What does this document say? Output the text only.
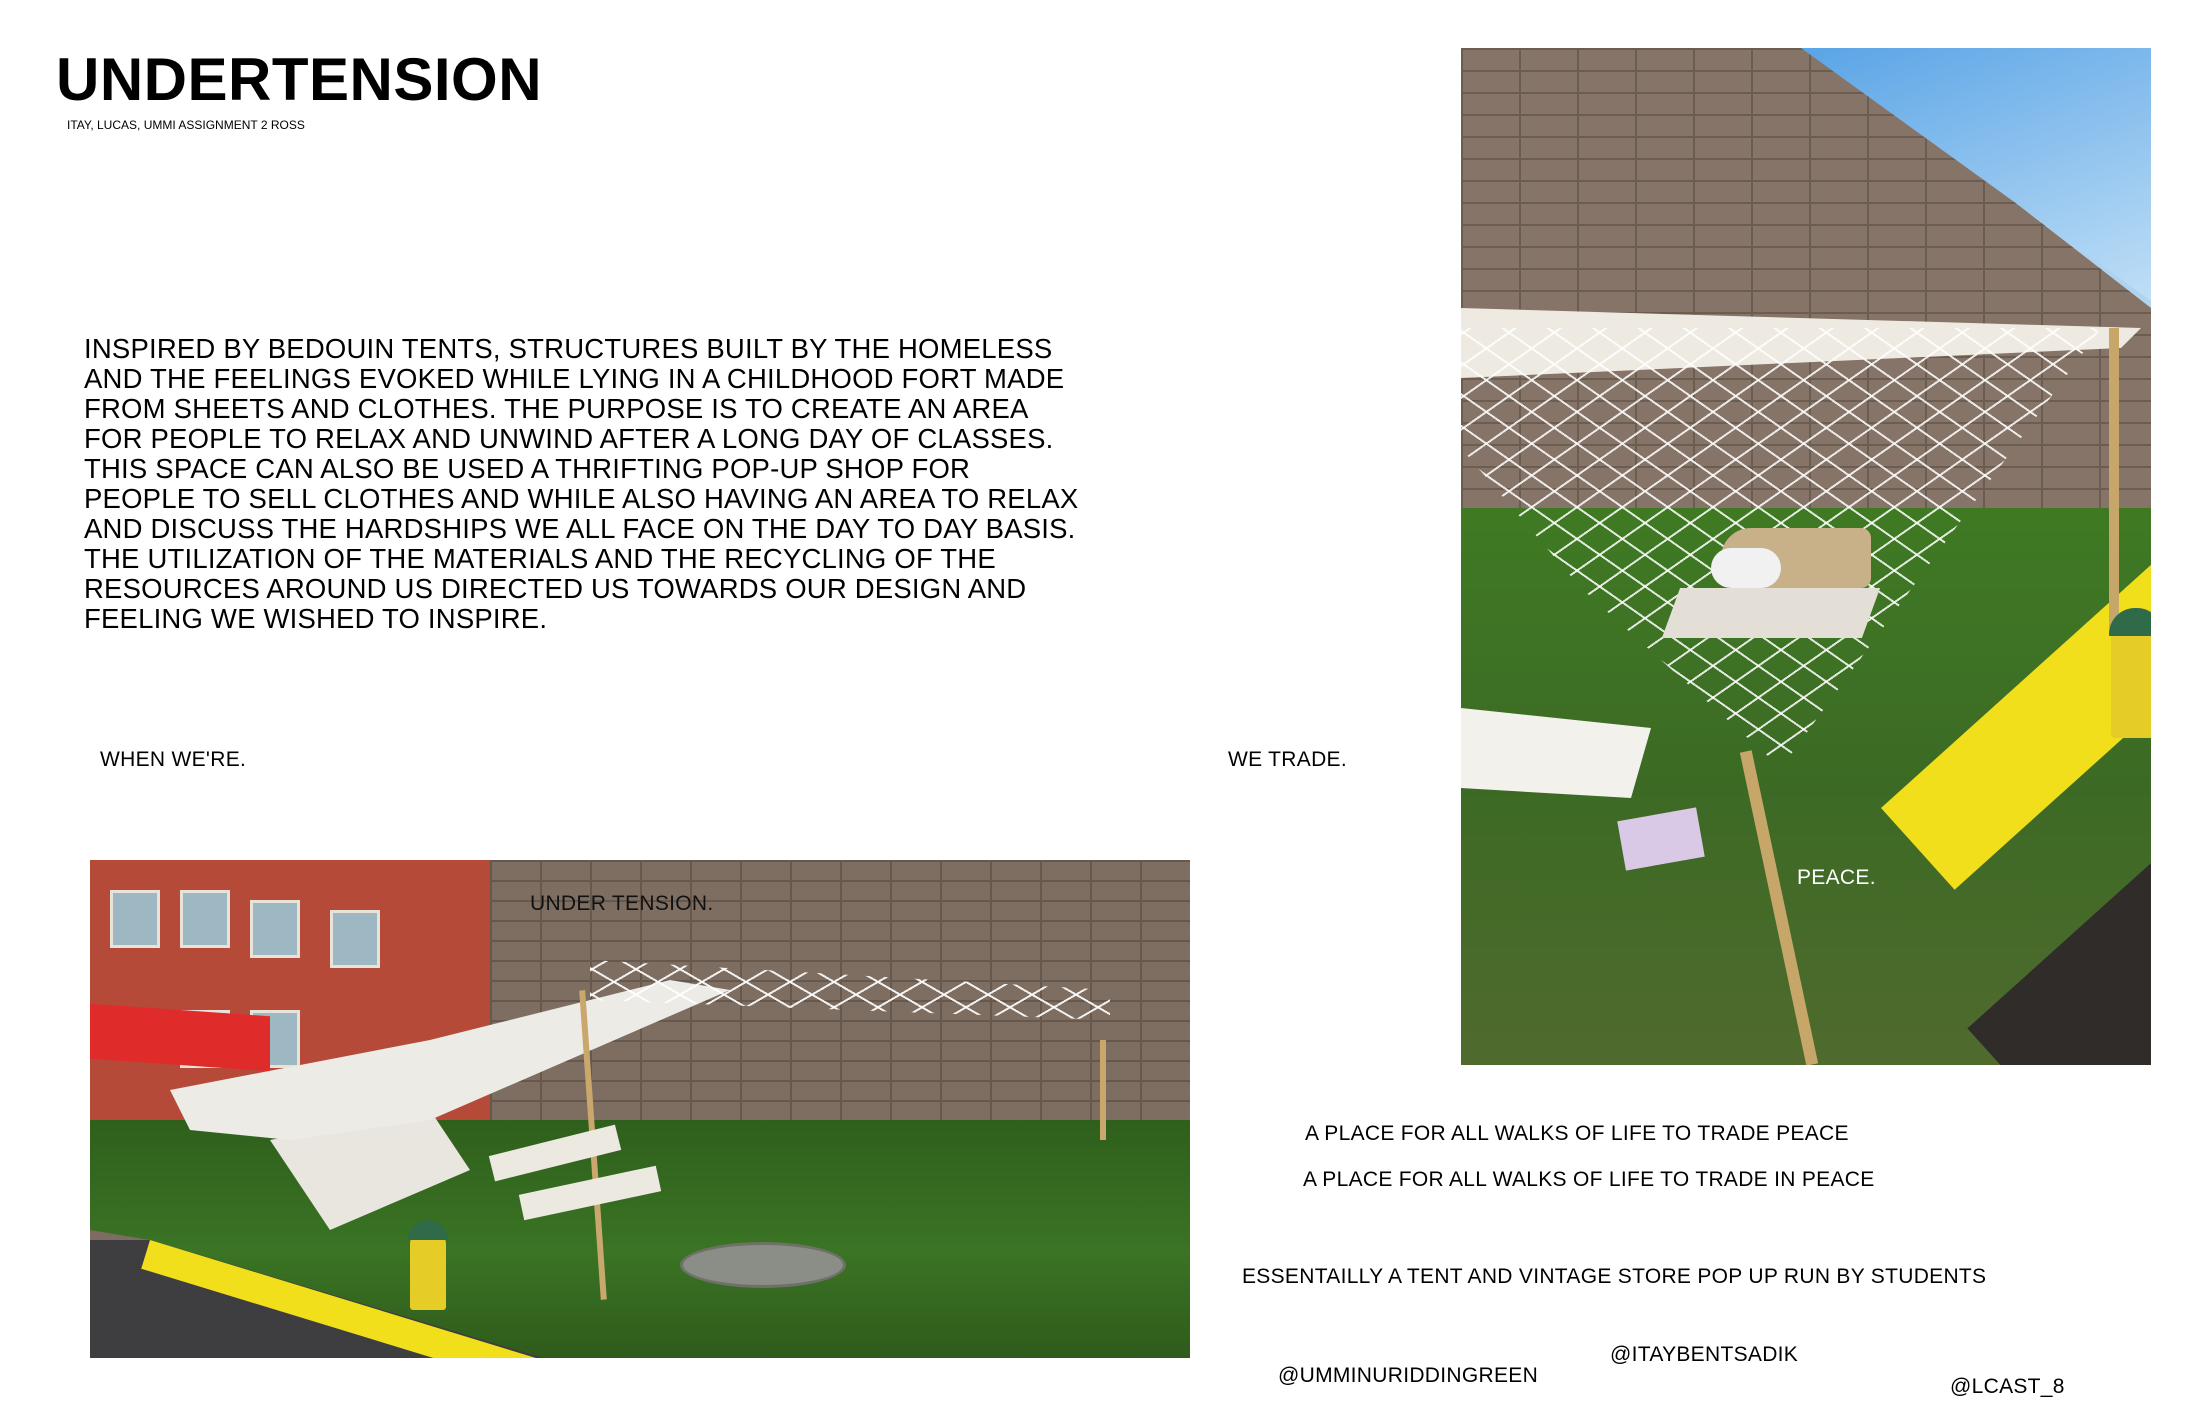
UNDERTENSION
ITAY, LUCAS, UMMI ASSIGNMENT 2 ROSS
INSPIRED BY BEDOUIN TENTS, STRUCTURES BUILT BY THE HOMELESS AND THE FEELINGS EVOKED WHILE LYING IN A CHILDHOOD FORT MADE FROM SHEETS AND CLOTHES. THE PURPOSE IS TO CREATE AN AREA FOR PEOPLE TO RELAX AND UNWIND AFTER A LONG DAY OF CLASSES. THIS SPACE CAN ALSO BE USED A THRIFTING POP-UP SHOP FOR PEOPLE TO SELL CLOTHES AND WHILE ALSO HAVING AN AREA TO RELAX AND DISCUSS THE HARDSHIPS WE ALL FACE ON THE DAY TO DAY BASIS. THE UTILIZATION OF THE MATERIALS AND THE RECYCLING OF THE RESOURCES AROUND US DIRECTED US TOWARDS OUR DESIGN AND FEELING WE WISHED TO INSPIRE.
WHEN WE'RE.	WE TRADE.
PEACE.
UNDER TENSION.
A PLACE FOR ALL WALKS OF LIFE TO TRADE PEACE
A PLACE FOR ALL WALKS OF LIFE TO TRADE IN PEACE
ESSENTAILLY A TENT AND VINTAGE STORE POP UP RUN BY STUDENTS
@UMMINURIDDINGREEN
@ITAYBENTSADIK
@LCAST_8
